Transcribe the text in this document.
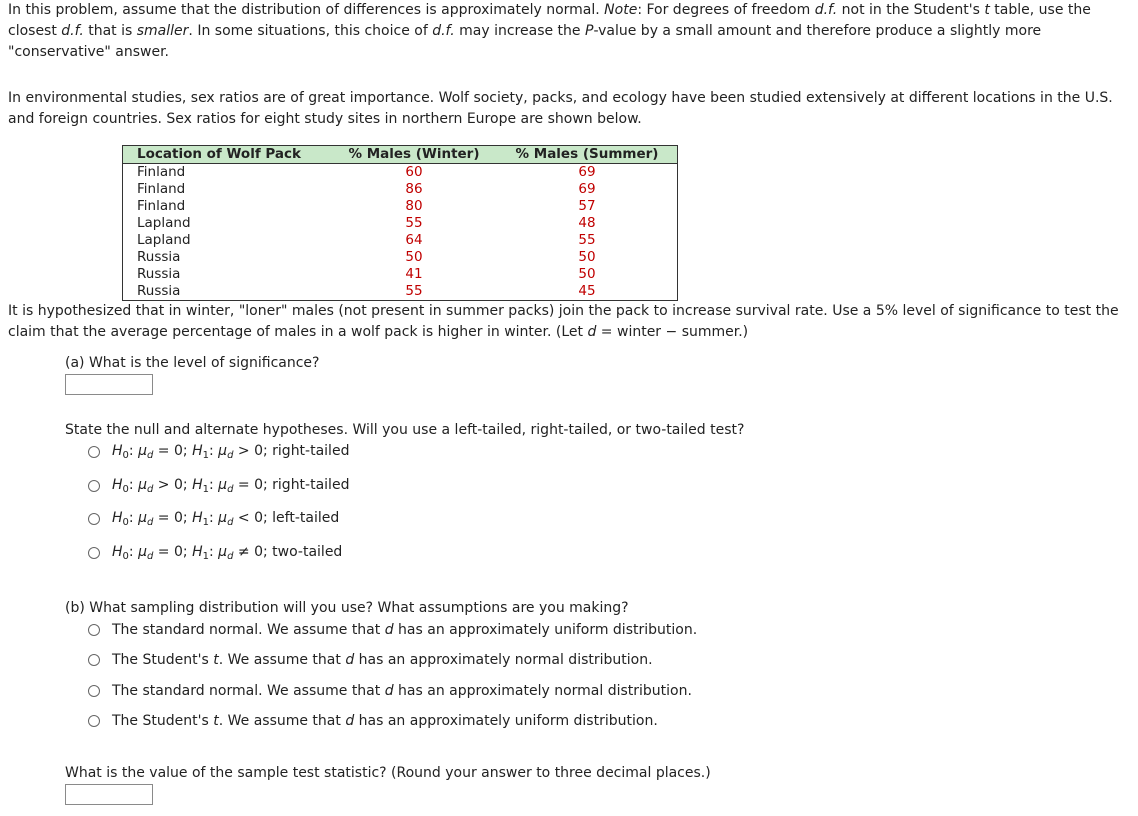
In this problem, assume that the distribution of differences is approximately normal. Note: For degrees of freedom d.f. not in the Student's t table, use the closest d.f. that is smaller. In some situations, this choice of d.f. may increase the P-value by a small amount and therefore produce a slightly more "conservative" answer.

In environmental studies, sex ratios are of great importance. Wolf society, packs, and ecology have been studied extensively at different locations in the U.S. and foreign countries. Sex ratios for eight study sites in northern Europe are shown below.

Location of Wolf Pack	% Males (Winter)	% Males (Summer)
Finland	60	69
Finland	86	69
Finland	80	57
Lapland	55	48
Lapland	64	55
Russia	50	50
Russia	41	50
Russia	55	45

It is hypothesized that in winter, "loner" males (not present in summer packs) join the pack to increase survival rate. Use a 5% level of significance to test the claim that the average percentage of males in a wolf pack is higher in winter. (Let d = winter − summer.)

(a) What is the level of significance?
State the null and alternate hypotheses. Will you use a left-tailed, right-tailed, or two-tailed test?
$H_0$: $\mu_d = 0$; $H_1$: $\mu_d > 0$; right-tailed
$H_0$: $\mu_d > 0$; $H_1$: $\mu_d = 0$; right-tailed
$H_0$: $\mu_d = 0$; $H_1$: $\mu_d < 0$; left-tailed
$H_0$: $\mu_d = 0$; $H_1$: $\mu_d \ne 0$; two-tailed
(b) What sampling distribution will you use? What assumptions are you making?
The standard normal. We assume that d has an approximately uniform distribution.
The Student's t. We assume that d has an approximately normal distribution.
The standard normal. We assume that d has an approximately normal distribution.
The Student's t. We assume that d has an approximately uniform distribution.
What is the value of the sample test statistic? (Round your answer to three decimal places.)
